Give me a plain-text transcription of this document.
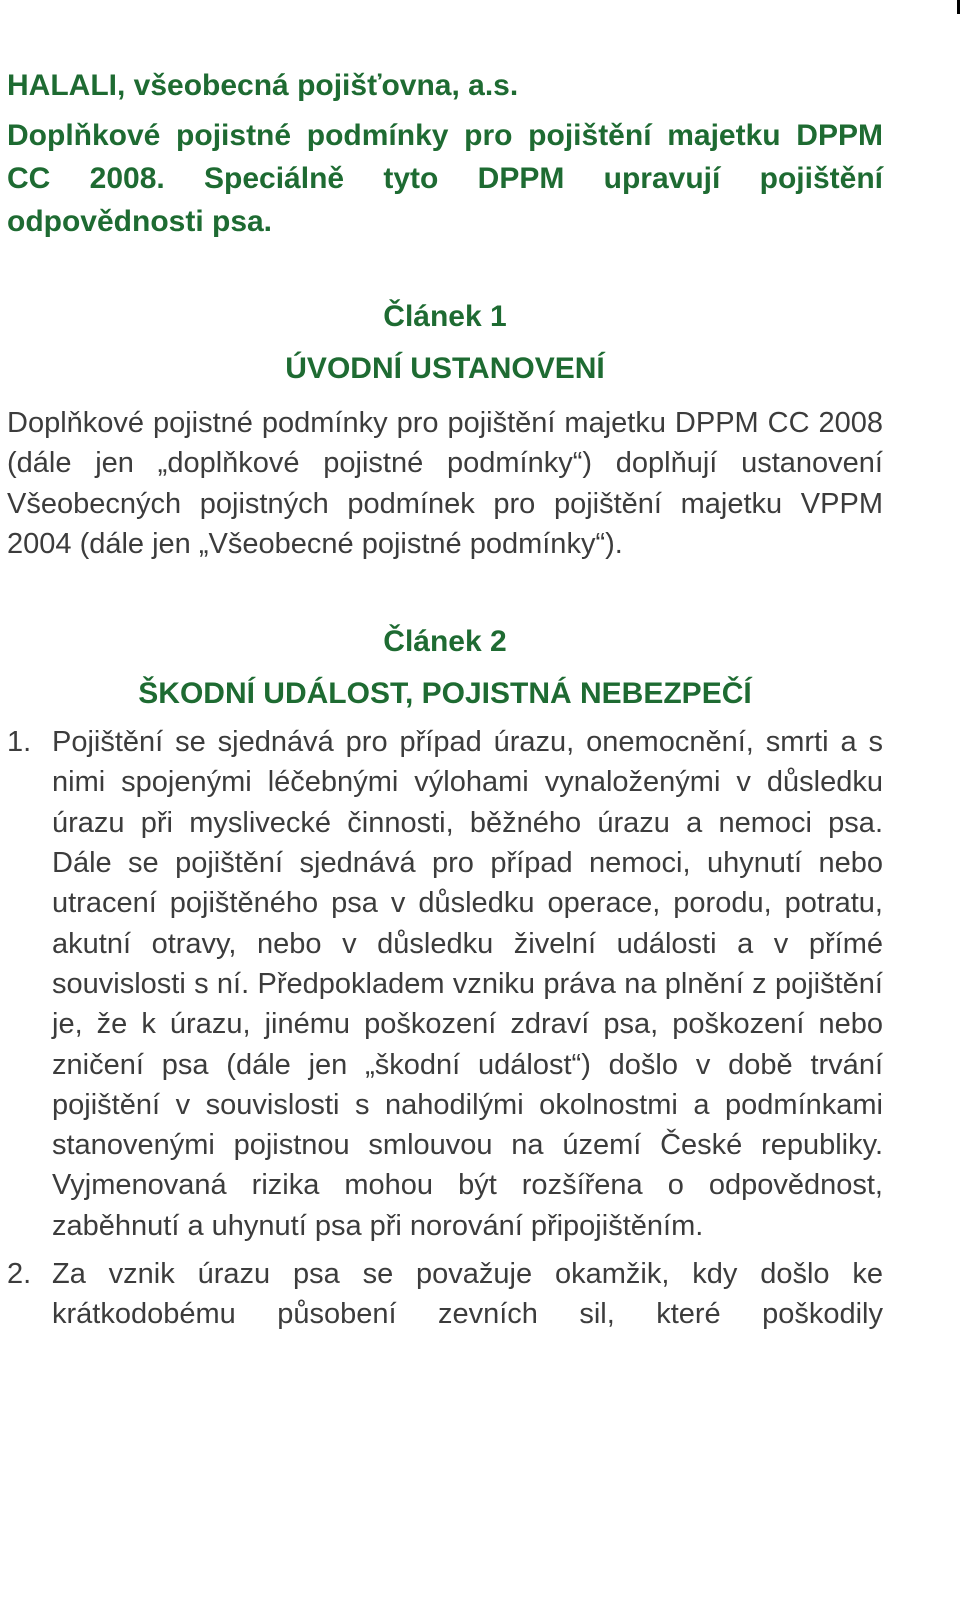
HALALI, všeobecná pojišťovna, a.s.

Doplňkové pojistné podmínky pro pojištění majetku DPPM CC 2008. Speciálně tyto DPPM upravují pojištění odpovědnosti psa.

Článek 1

ÚVODNÍ USTANOVENÍ

Doplňkové pojistné podmínky pro pojištění majetku DPPM CC 2008 (dále jen „doplňkové pojistné podmínky“) doplňují ustanovení Všeobecných pojistných podmínek pro pojištění majetku VPPM 2004 (dále jen „Všeobecné pojistné podmínky“).

Článek 2

ŠKODNÍ UDÁLOST, POJISTNÁ NEBEZPEČÍ

1. Pojištění se sjednává pro případ úrazu, onemocnění, smrti a s nimi spojenými léčebnými výlohami vynaloženými v důsledku úrazu při myslivecké činnosti, běžného úrazu a nemoci psa. Dále se pojištění sjednává pro případ nemoci, uhynutí nebo utracení pojištěného psa v důsledku operace, porodu, potratu, akutní otravy, nebo v důsledku živelní události a v přímé souvislosti s ní. Předpokladem vzniku práva na plnění z pojištění je, že k úrazu, jinému poškození zdraví psa, poškození nebo zničení psa (dále jen „škodní událost“) došlo v době trvání pojištění v souvislosti s nahodilými okolnostmi a podmínkami stanovenými pojistnou smlouvou na území České republiky. Vyjmenovaná rizika mohou být rozšířena o odpovědnost, zaběhnutí a uhynutí psa při norování připojištěním.
2. Za vznik úrazu psa se považuje okamžik, kdy došlo ke krátkodobému působení zevních sil, které poškodily
